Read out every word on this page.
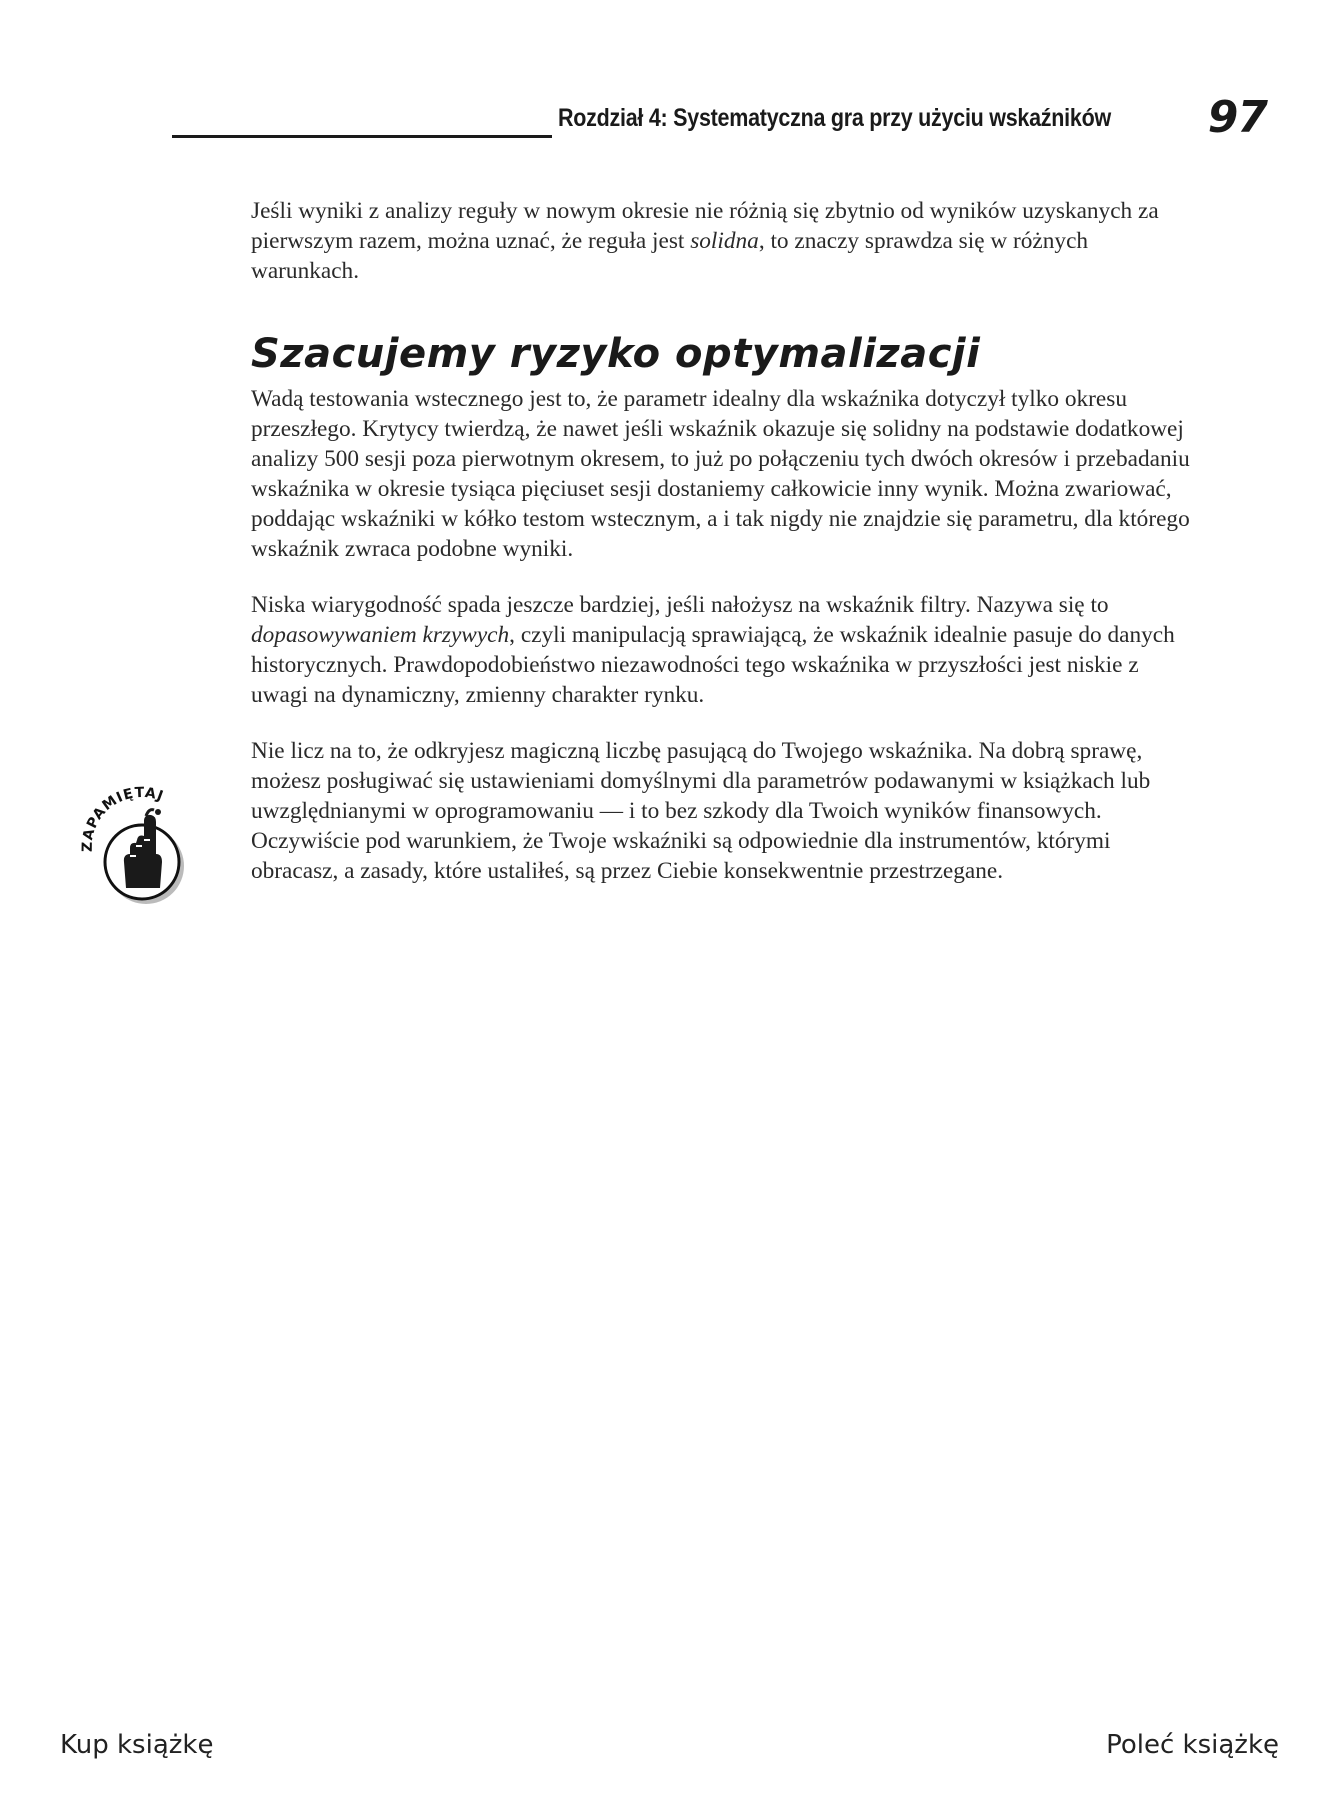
Rozdział 4: Systematyczna gra przy użyciu wskaźników 97

Jeśli wyniki z analizy reguły w nowym okresie nie różnią się zbytnio od wyników uzyskanych za pierwszym razem, można uznać, że reguła jest solidna, to znaczy sprawdza się w różnych warunkach.

Szacujemy ryzyko optymalizacji

Wadą testowania wstecznego jest to, że parametr idealny dla wskaźnika dotyczył tylko okresu przeszłego. Krytycy twierdzą, że nawet jeśli wskaźnik okazuje się solidny na podstawie dodatkowej analizy 500 sesji poza pierwotnym okresem, to już po połączeniu tych dwóch okresów i przebadaniu wskaźnika w okresie tysiąca pięciuset sesji dostaniemy całkowicie inny wynik. Można zwariować, poddając wskaźniki w kółko testom wstecznym, a i tak nigdy nie znajdzie się parametru, dla którego wskaźnik zwraca podobne wyniki.

Niska wiarygodność spada jeszcze bardziej, jeśli nałożysz na wskaźnik filtry. Nazywa się to dopasowywaniem krzywych, czyli manipulacją sprawiającą, że wskaźnik idealnie pasuje do danych historycznych. Prawdopodobieństwo niezawodności tego wskaźnika w przyszłości jest niskie z uwagi na dynamiczny, zmienny charakter rynku.

Nie licz na to, że odkryjesz magiczną liczbę pasującą do Twojego wskaźnika. Na dobrą sprawę, możesz posługiwać się ustawieniami domyślnymi dla parametrów podawanymi w książkach lub uwzględnianymi w oprogramowaniu — i to bez szkody dla Twoich wyników finansowych. Oczywiście pod warunkiem, że Twoje wskaźniki są odpowiednie dla instrumentów, którymi obracasz, a zasady, które ustaliłeś, są przez Ciebie konsekwentnie przestrzegane.

ZAPAMIĘTAJ
Kup książkę	Poleć książkę
